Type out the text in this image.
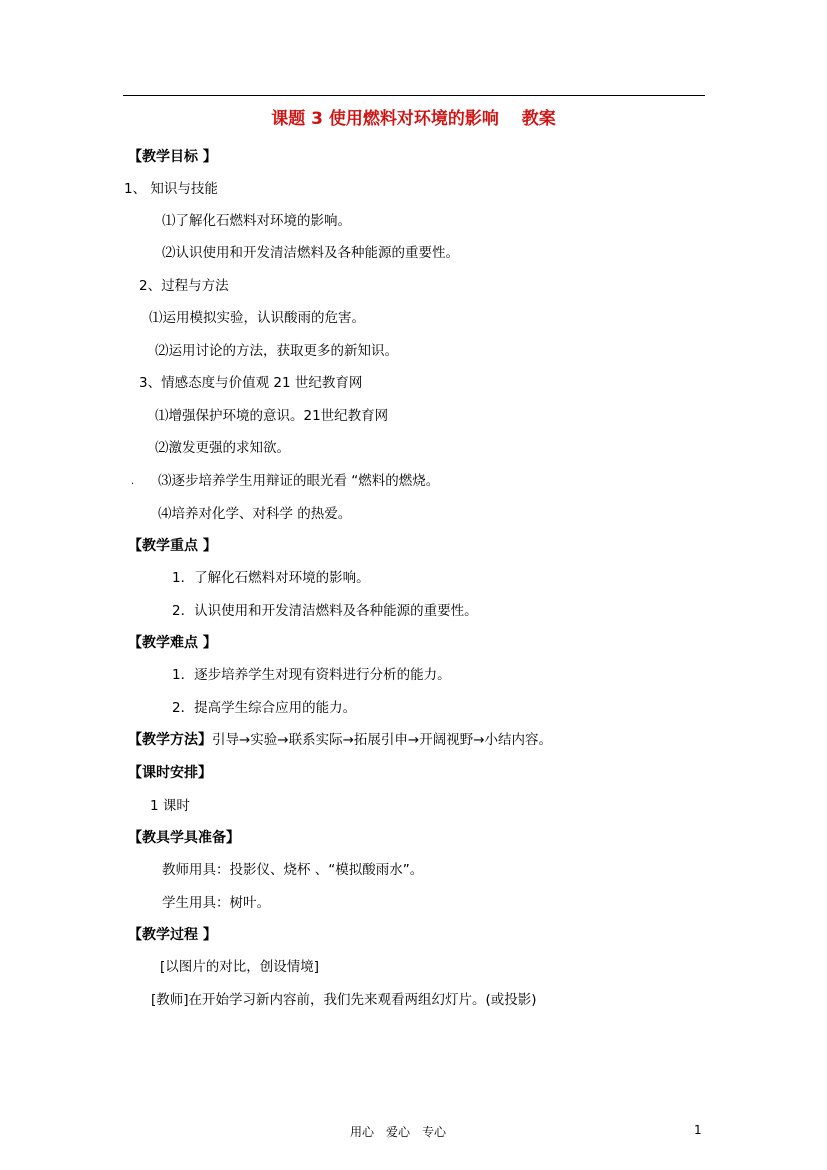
课题 3 使用燃料对环境的影响　 教案
【教学目标 】
1、 知识与技能
⑴了解化石燃料对环境的影响。
⑵认识使用和开发清洁燃料及各种能源的重要性。
2、过程与方法
⑴运用模拟实验，认识酸雨的危害。
⑵运用讨论的方法，获取更多的新知识。
3、情感态度与价值观 21 世纪教育网
⑴增强保护环境的意识。21世纪教育网
⑵激发更强的求知欲。
. ⑶逐步培养学生用辩证的眼光看 “燃料的燃烧。
⑷培养对化学、对科学 的热爱。
【教学重点 】
1．了解化石燃料对环境的影响。
2．认识使用和开发清洁燃料及各种能源的重要性。
【教学难点 】
1．逐步培养学生对现有资料进行分析的能力。
2．提高学生综合应用的能力。
【教学方法】引导→实验→联系实际→拓展引申→开阔视野→小结内容。
【课时安排】
1 课时
【教具学具准备】
教师用具：投影仪、烧杯 、“模拟酸雨水”。
学生用具：树叶。
【教学过程 】
[以图片的对比，创设情境]
[教师]在开始学习新内容前，我们先来观看两组幻灯片。(或投影)
用心　爱心　专心	1
